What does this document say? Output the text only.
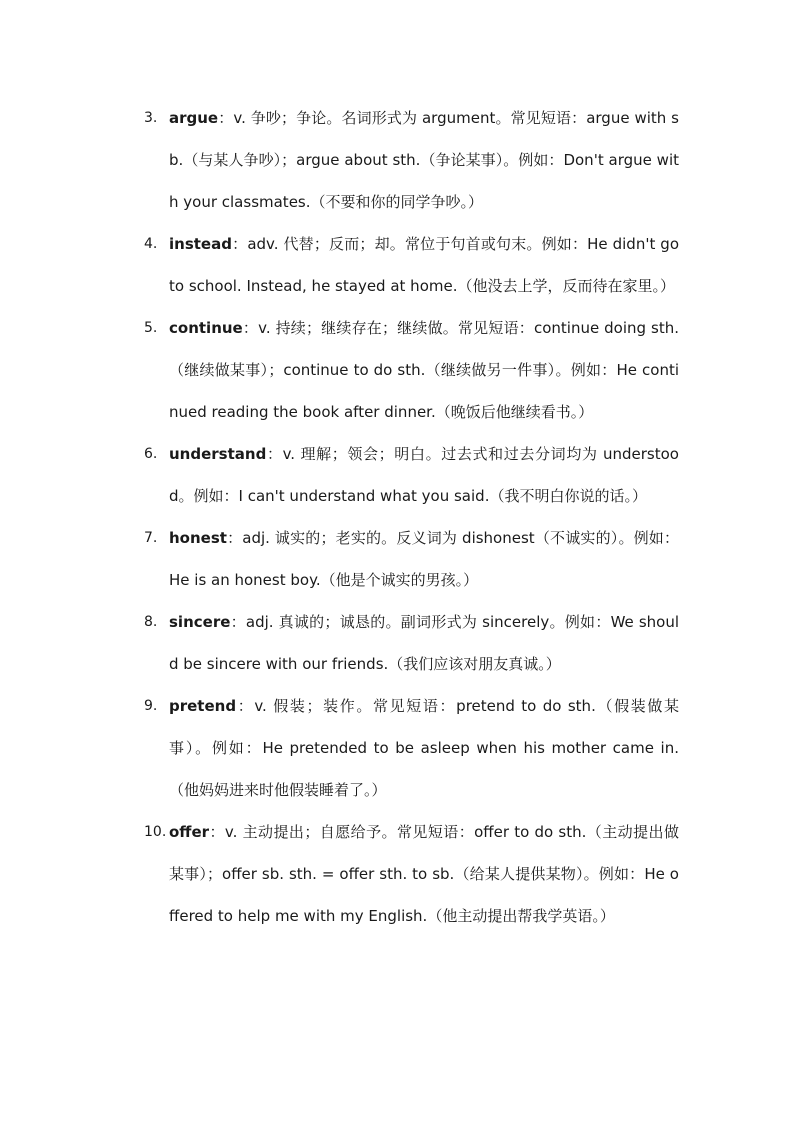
3. argue：v. 争吵；争论。名词形式为 argument。常见短语：argue with sb.（与某人争吵）；argue about sth.（争论某事）。例如：Don't argue with your classmates.（不要和你的同学争吵。）
4. instead：adv. 代替；反而；却。常位于句首或句末。例如：He didn't go to school. Instead, he stayed at home.（他没去上学，反而待在家里。）
5. continue：v. 持续；继续存在；继续做。常见短语：continue doing sth.（继续做某事）；continue to do sth.（继续做另一件事）。例如：He continued reading the book after dinner.（晚饭后他继续看书。）
6. understand：v. 理解；领会；明白。过去式和过去分词均为 understood。例如：I can't understand what you said.（我不明白你说的话。）
7. honest：adj. 诚实的；老实的。反义词为 dishonest（不诚实的）。例如：He is an honest boy.（他是个诚实的男孩。）
8. sincere：adj. 真诚的；诚恳的。副词形式为 sincerely。例如：We should be sincere with our friends.（我们应该对朋友真诚。）
9. pretend：v. 假装；装作。常见短语：pretend to do sth.（假装做某事）。例如：He pretended to be asleep when his mother came in.（他妈妈进来时他假装睡着了。）
10. offer：v. 主动提出；自愿给予。常见短语：offer to do sth.（主动提出做某事）；offer sb. sth. = offer sth. to sb.（给某人提供某物）。例如：He offered to help me with my English.（他主动提出帮我学英语。）
